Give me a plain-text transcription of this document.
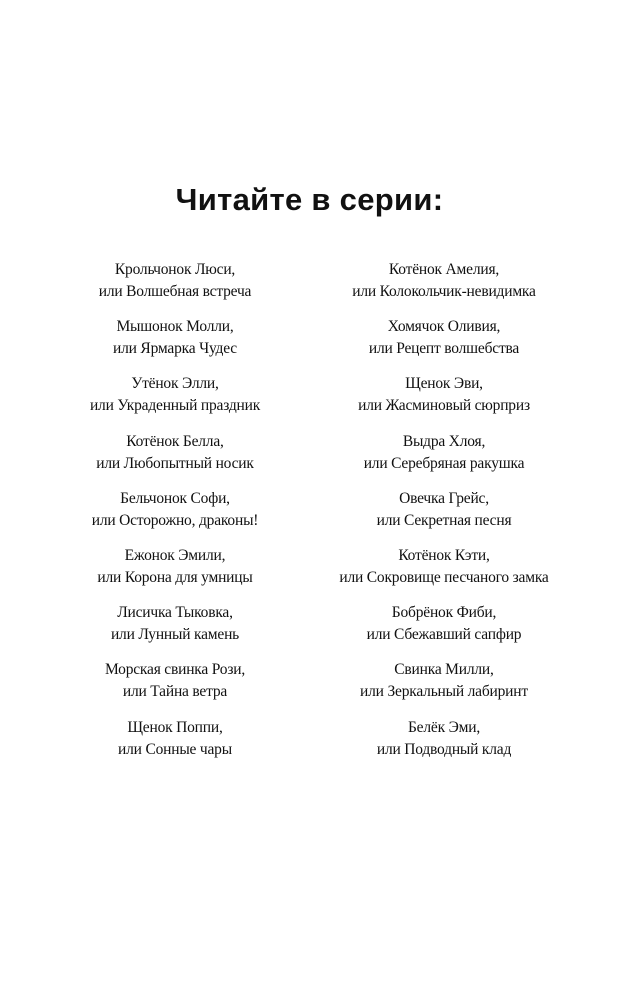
Читайте в серии:
Крольчонок Люси,
или Волшебная встреча
Мышонок Молли,
или Ярмарка Чудес
Утёнок Элли,
или Украденный праздник
Котёнок Белла,
или Любопытный носик
Бельчонок Софи,
или Осторожно, драконы!
Ежонок Эмили,
или Корона для умницы
Лисичка Тыковка,
или Лунный камень
Морская свинка Рози,
или Тайна ветра
Щенок Поппи,
или Сонные чары
Котёнок Амелия,
или Колокольчик-невидимка
Хомячок Оливия,
или Рецепт волшебства
Щенок Эви,
или Жасминовый сюрприз
Выдра Хлоя,
или Серебряная ракушка
Овечка Грейс,
или Секретная песня
Котёнок Кэти,
или Сокровище песчаного замка
Бобрёнок Фиби,
или Сбежавший сапфир
Свинка Милли,
или Зеркальный лабиринт
Белёк Эми,
или Подводный клад
